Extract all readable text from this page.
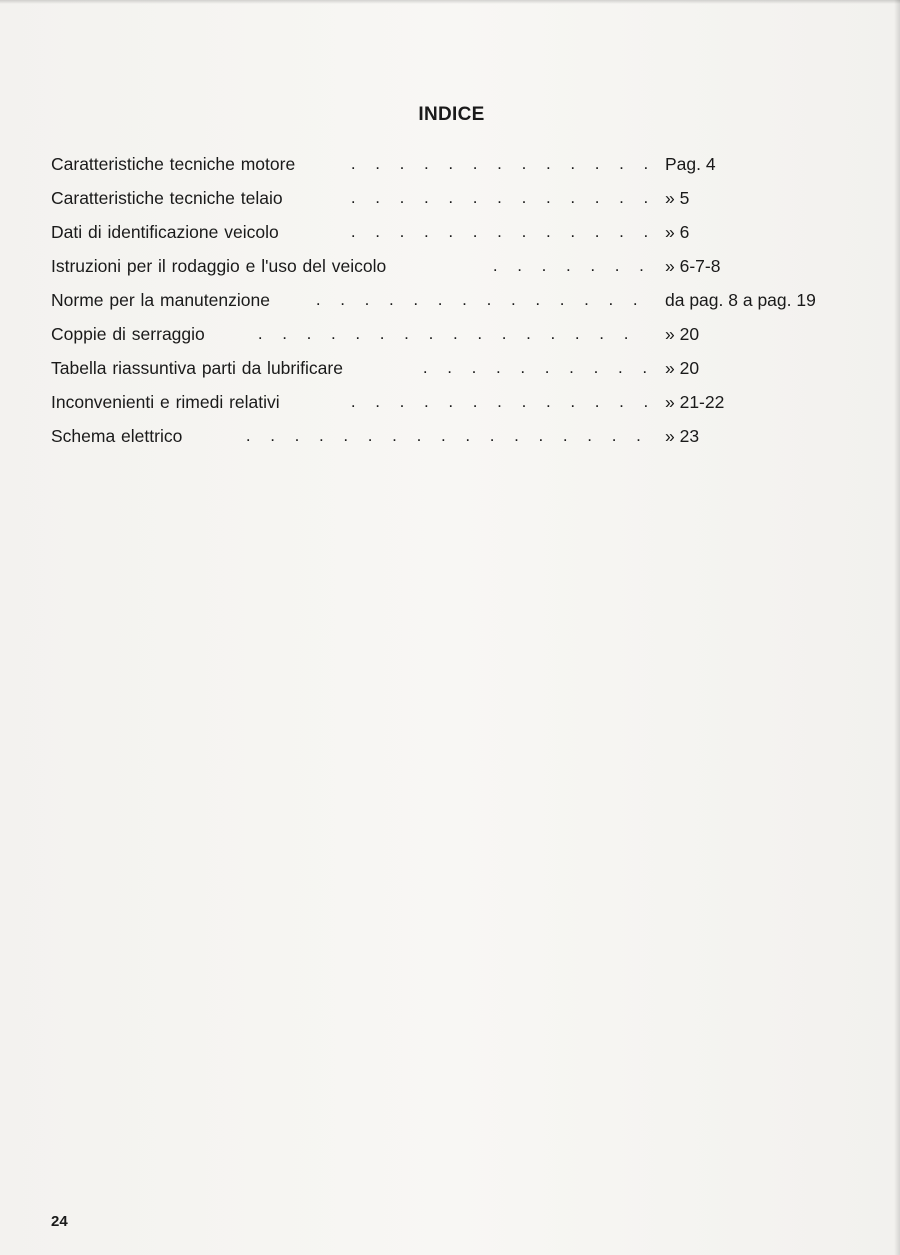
INDICE
Caratteristiche tecniche motore	. . . . . . . . . . . . . Pag. 4
Caratteristiche tecniche telaio	. . . . . . . . . . . . . » 5
Dati di identificazione veicolo	. . . . . . . . . . . . . » 6
Istruzioni per il rodaggio e l'uso del veicolo	. . . . . . .	» 6-7-8
Norme per la manutenzione	. . . . . . . . . . . . . .	da pag. 8 a pag. 19
Coppie di serraggio	. . . . . . . . . . . . . . . .	» 20
Tabella riassuntiva parti da lubrificare	. . . . . . . . . .	» 20
Inconvenienti e rimedi relativi	. . . . . . . . . . . . . » 21-22
Schema elettrico	. . . . . . . . . . . . . . . . .	» 23
24
